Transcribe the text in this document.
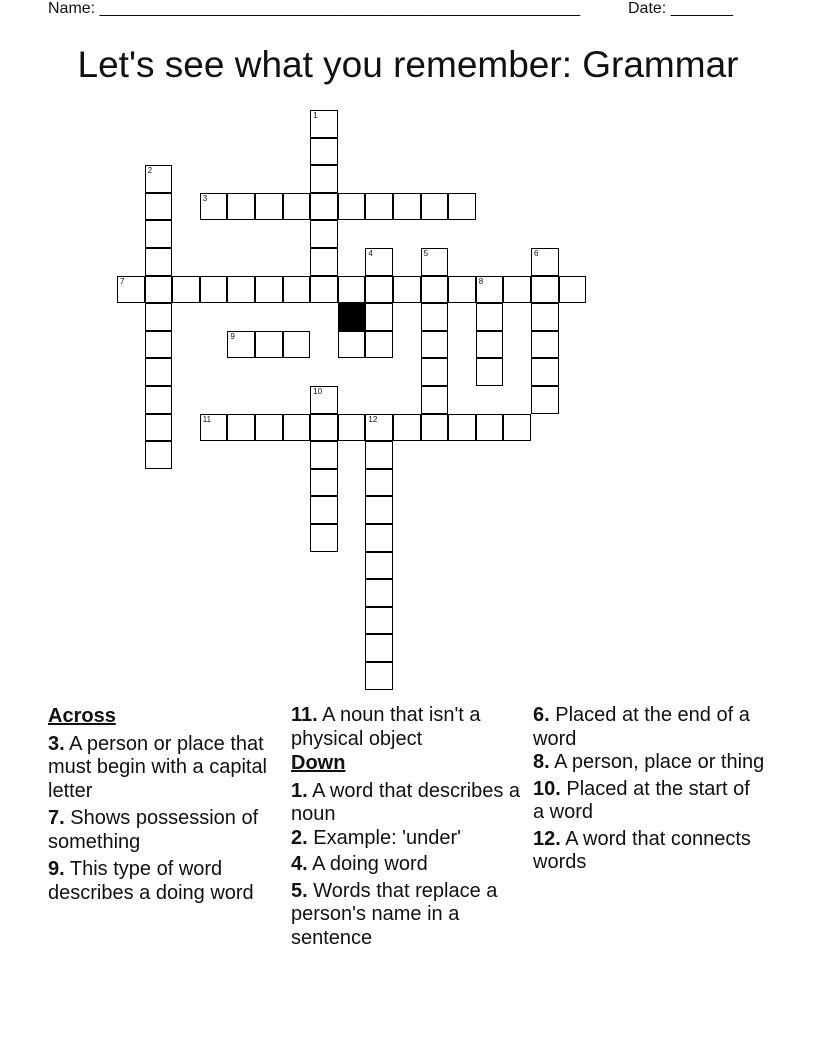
Name: ______________________________________________________	Date: _______
Let's see what you remember: Grammar
1
2
3
4	5	6
7	8
9
10
11	12
Across
3. A person or place that must begin with a capital letter
7. Shows possession of something
9. This type of word describes a doing word
11. A noun that isn't a physical object
Down
1. A word that describes a noun
2. Example: 'under'
4. A doing word
5. Words that replace a person's name in a sentence
6. Placed at the end of a word
8. A person, place or thing
10. Placed at the start of a word
12. A word that connects words
